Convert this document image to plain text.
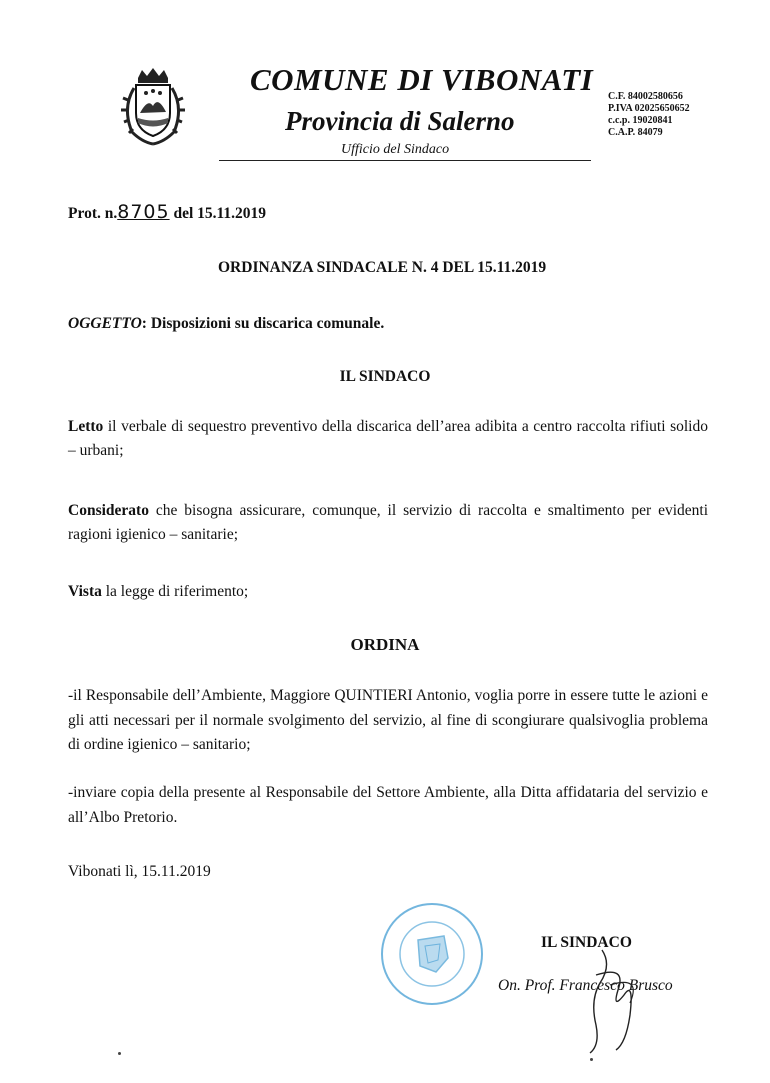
COMUNE DI VIBONATI
Provincia di Salerno
Ufficio del Sindaco
C.F. 84002580656
P.IVA 02025650652
c.c.p. 19020841
C.A.P. 84079
Prot. n.8705 del 15.11.2019
ORDINANZA SINDACALE N. 4 DEL 15.11.2019
OGGETTO: Disposizioni su discarica comunale.
IL SINDACO
Letto il verbale di sequestro preventivo della discarica dell’area adibita a centro raccolta rifiuti solido – urbani;
Considerato che bisogna assicurare, comunque, il servizio di raccolta e smaltimento per evidenti ragioni igienico – sanitarie;
Vista la legge di riferimento;
ORDINA
-il Responsabile dell’Ambiente, Maggiore QUINTIERI Antonio, voglia porre in essere tutte le azioni e gli atti necessari per il normale svolgimento del servizio, al fine di scongiurare qualsivoglia problema di ordine igienico – sanitario;
-inviare copia della presente al Responsabile del Settore Ambiente, alla Ditta affidataria del servizio e all’Albo Pretorio.
Vibonati lì, 15.11.2019
IL SINDACO
On. Prof. Francesco Brusco
